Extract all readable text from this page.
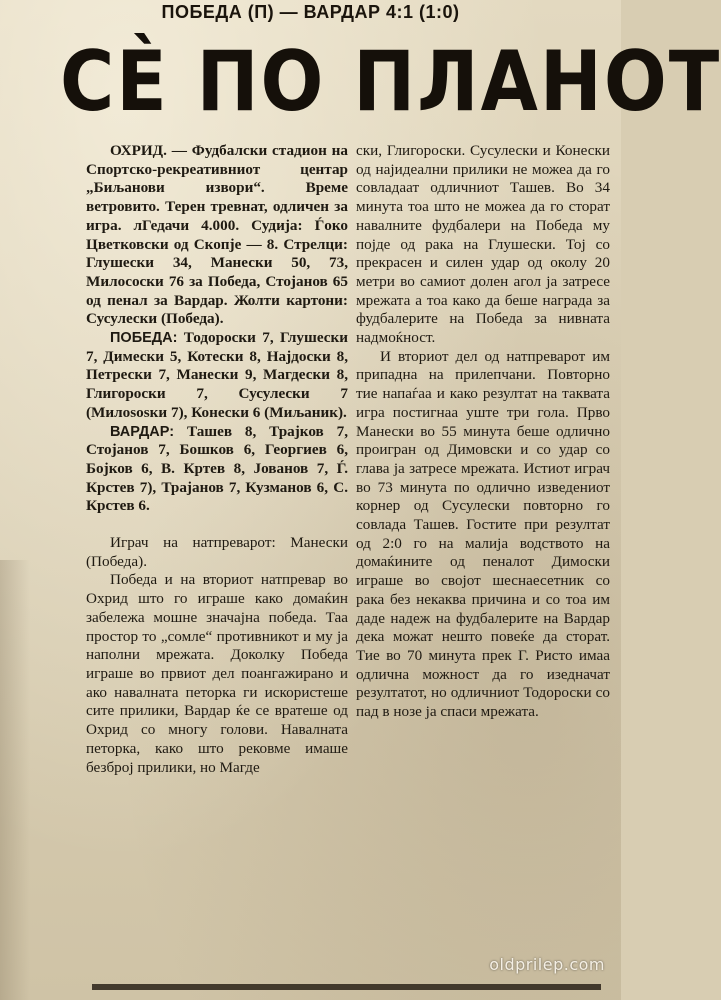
ПОБЕДА (П) — ВАРДАР 4:1 (1:0)
СЀ ПО ПЛАНОТ

ОХРИД. — Фудбалски стадион на Спортско-рекреативниот центар „Биљанови извори“. Време ветровито. Терен тревнат, одличен за игра. лГедачи 4.000. Судија: Ѓоко Цветковски од Скопје — 8. Стрелци: Глушески 34, Манески 50, 73, Милососки 76 за Победа, Стојанов 65 од пенал за Вардар. Жолти картони: Сусулески (Победа).

ПОБЕДА: Тодороски 7, Глушески 7, Димески 5, Котески 8, Најдоски 8, Петрески 7, Манески 9, Магдески 8, Глигороски 7, Сусулески 7 (Милososки 7), Конески 6 (Миљаник).

ВАРДАР: Ташев 8, Трајков 7, Стојанов 7, Бошков 6, Георгиев 6, Бојков 6, В. Кртев 8, Јованов 7, Ѓ. Крстев 7), Трајанов 7, Кузманов 6, С. Крстев 6.

Играч на натпреварот: Манески (Победа).

Победа и на вториот натпревар во Охрид што го играше како домаќин забележа мошне значајна победа. Таа простор то „сомле“ противникот и му ја наполни мрежата. Доколку Победа играше во првиот дел поангажирано и ако навалната петорка ги искористеше сите прилики, Вардар ќе се вратеше од Охрид со многу голови. Навалната петорка, како што рековме имаше безброј прилики, но Магде

ски, Глигороски. Сусулески и Конески од најидеални прилики не можеа да го совладаат одличниот Ташев. Во 34 минута тоа што не можеа да го сторат навалните фудбалери на Победа му појде од рака на Глушески. Тој со прекрасен и силен удар од околу 20 метри во самиот долен агол ја затресе мрежата а тоа како да беше награда за фудбалерите на Победа за нивната надмоќност.

И вториот дел од натпреварот им припадна на прилепчани. Повторно тие напаѓаа и како резултат на таквата игра постигнаа уште три гола. Прво Манески во 55 минута беше одлично проигран од Димовски и со удар со глава ја затресе мрежата. Истиот играч во 73 минута по одлично изведениот корнер од Сусулески повторно го совлада Ташев. Гостите при резултат од 2:0 го на малија водството на домаќините од пеналот Димоски играше во својот шеснаесетник со рака без некаква причина и со тоа им даде надеж на фудбалерите на Вардар дека можат нешто повеќе да сторат. Тие во 70 минута прек Г. Ристо имаа одлична можност да го изедначат резултатот, но одличниот Тодороски со пад в нозе ја спаси мрежата.

oldprilep.com
